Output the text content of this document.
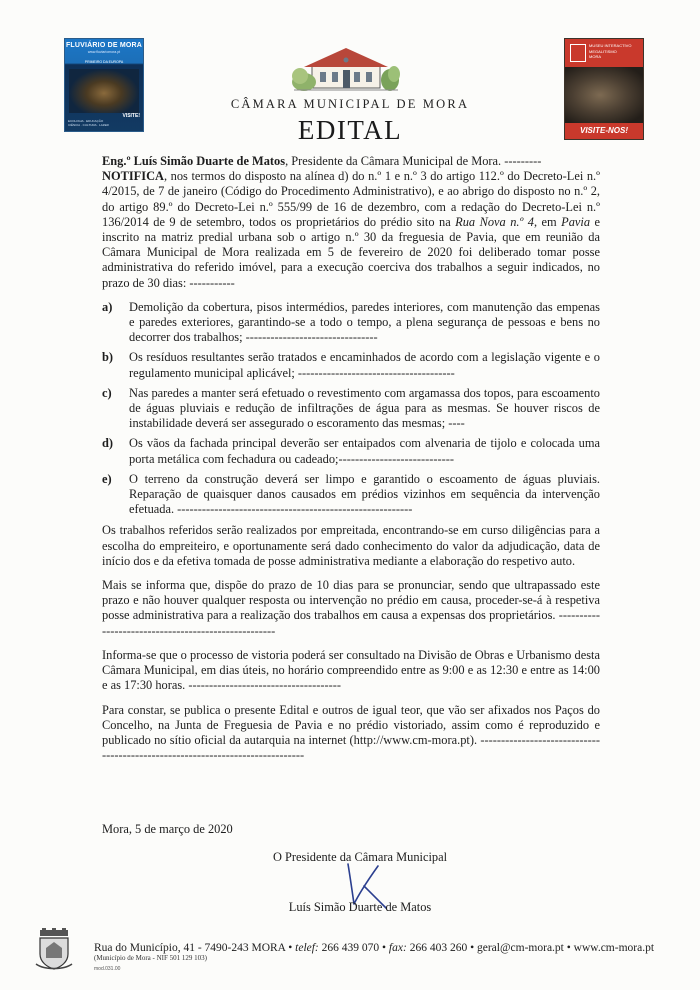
FLUVIÁRIO DE MORA
www.fluviariomora.pt
PRIMEIRO DA EUROPA
VISITE!
ECOLOGIA · EDUCAÇÃO
CIÊNCIA · CULTURA · LAZER
CÂMARA MUNICIPAL DE MORA
EDITAL
MUSEU INTERACTIVO
MEGALITISMO
MORA
VISITE-NOS!

Eng.º Luís Simão Duarte de Matos, Presidente da Câmara Municipal de Mora. ---------

NOTIFICA, nos termos do disposto na alínea d) do n.º 1 e n.º 3 do artigo 112.º do Decreto-Lei n.º 4/2015, de 7 de janeiro (Código do Procedimento Administrativo), e ao abrigo do disposto no n.º 2, do artigo 89.º do Decreto-Lei n.º 555/99 de 16 de dezembro, com a redação do Decreto-Lei n.º 136/2014 de 9 de setembro, todos os proprietários do prédio sito na Rua Nova n.º 4, em Pavia e inscrito na matriz predial urbana sob o artigo n.º 30 da freguesia de Pavia, que em reunião da Câmara Municipal de Mora realizada em 5 de fevereiro de 2020 foi deliberado tomar posse administrativa do referido imóvel, para a execução coerciva dos trabalhos a seguir indicados, no prazo de 30 dias: -----------

a)	Demolição da cobertura, pisos intermédios, paredes interiores, com manutenção das empenas e paredes exteriores, garantindo-se a todo o tempo, a plena segurança de pessoas e bens no decorrer dos trabalhos; --------------------------------
b)	Os resíduos resultantes serão tratados e encaminhados de acordo com a legislação vigente e o regulamento municipal aplicável; --------------------------------------
c)	Nas paredes a manter será efetuado o revestimento com argamassa dos topos, para escoamento de águas pluviais e redução de infiltrações de água para as mesmas. Se houver riscos de instabilidade deverá ser assegurado o escoramento das mesmas; ----
d)	Os vãos da fachada principal deverão ser entaipados com alvenaria de tijolo e colocada uma porta metálica com fechadura ou cadeado;----------------------------
e)	O terreno da construção deverá ser limpo e garantido o escoamento de águas pluviais. Reparação de quaisquer danos causados em prédios vizinhos em sequência da intervenção efetuada. ---------------------------------------------------------

Os trabalhos referidos serão realizados por empreitada, encontrando-se em curso diligências para a escolha do empreiteiro, e oportunamente será dado conhecimento do valor da adjudicação, data de início dos e da efetiva tomada de posse administrativa mediante a elaboração do respetivo auto.

Mais se informa que, dispõe do prazo de 10 dias para se pronunciar, sendo que ultrapassado este prazo e não houver qualquer resposta ou intervenção no prédio em causa, proceder-se-á à respetiva posse administrativa para a realização dos trabalhos em causa a expensas dos proprietários. ----------------------------------------------------

Informa-se que o processo de vistoria poderá ser consultado na Divisão de Obras e Urbanismo desta Câmara Municipal, em dias úteis, no horário compreendido entre as 9:00 e as 12:30 e entre as 14:00 e as 17:30 horas. -------------------------------------

Para constar, se publica o presente Edital e outros de igual teor, que vão ser afixados nos Paços do Concelho, na Junta de Freguesia de Pavia e no prédio vistoriado, assim como é reproduzido e publicado no sítio oficial da autarquia na internet (http://www.cm-mora.pt). ------------------------------------------------------------------------------

Mora, 5 de março de 2020
O Presidente da Câmara Municipal
Luís Simão Duarte de Matos
Rua do Município, 41 - 7490-243 MORA • telef: 266 439 070 • fax: 266 403 260 • geral@cm-mora.pt • www.cm-mora.pt
(Município de Mora - NIF 501 129 103)
mod.031.00
